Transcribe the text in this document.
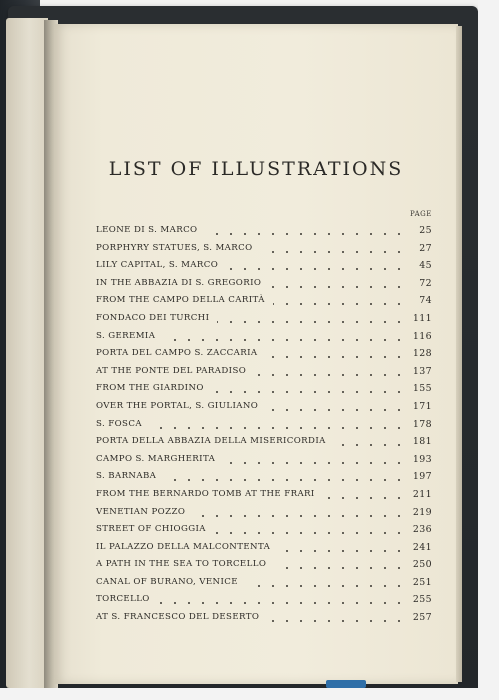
LIST OF ILLUSTRATIONS
PAGE
LEONE DI S. MARCO	25
PORPHYRY STATUES, S. MARCO	27
LILY CAPITAL, S. MARCO	45
IN THE ABBAZIA DI S. GREGORIO	72
FROM THE CAMPO DELLA CARITÀ	74
FONDACO DEI TURCHI	111
S. GEREMIA	116
PORTA DEL CAMPO S. ZACCARIA	128
AT THE PONTE DEL PARADISO	137
FROM THE GIARDINO	155
OVER THE PORTAL, S. GIULIANO	171
S. FOSCA	178
PORTA DELLA ABBAZIA DELLA MISERICORDIA	181
CAMPO S. MARGHERITA	193
S. BARNABA	197
FROM THE BERNARDO TOMB AT THE FRARI	211
VENETIAN POZZO	219
STREET OF CHIOGGIA	236
IL PALAZZO DELLA MALCONTENTA	241
A PATH IN THE SEA TO TORCELLO	250
CANAL OF BURANO, VENICE	251
TORCELLO	255
AT S. FRANCESCO DEL DESERTO	257
